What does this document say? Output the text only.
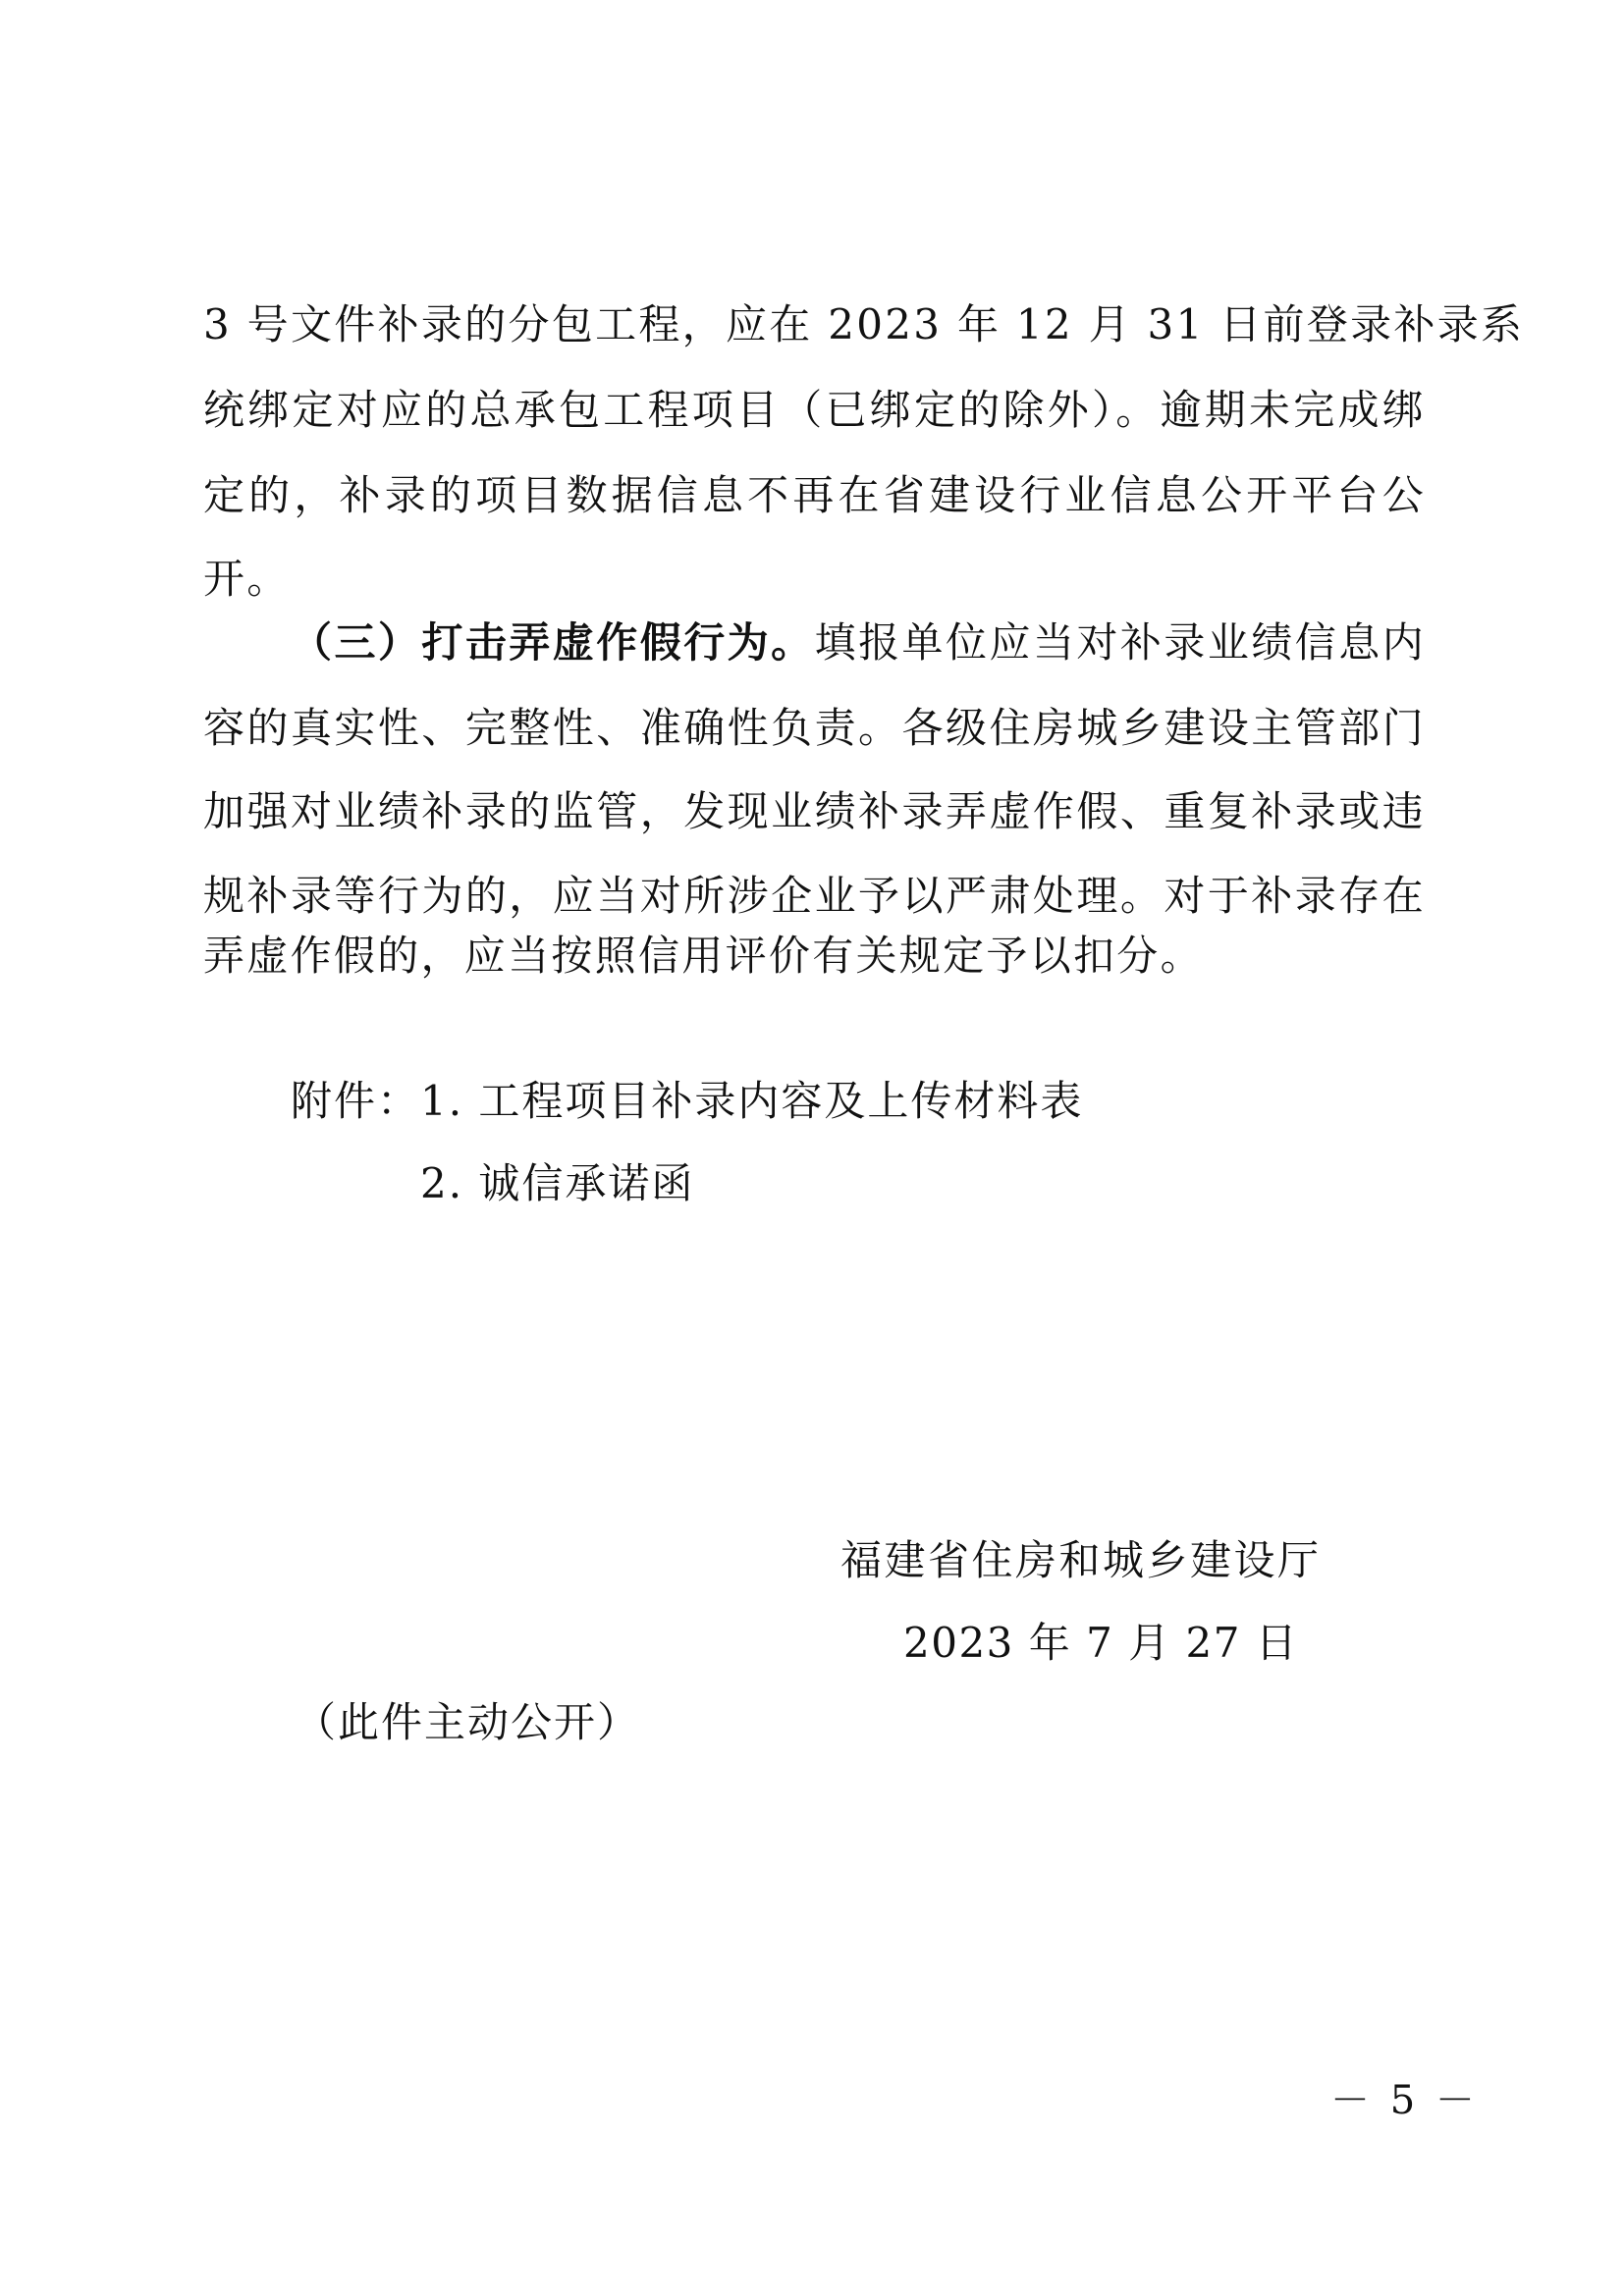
3 号文件补录的分包工程，应在 2023 年 12 月 31 日前登录补录系
统绑定对应的总承包工程项目（已绑定的除外）。逾期未完成绑
定的，补录的项目数据信息不再在省建设行业信息公开平台公
开。
（三）打击弄虚作假行为。填报单位应当对补录业绩信息内
容的真实性、完整性、准确性负责。各级住房城乡建设主管部门
加强对业绩补录的监管，发现业绩补录弄虚作假、重复补录或违
规补录等行为的，应当对所涉企业予以严肃处理。对于补录存在
弄虚作假的，应当按照信用评价有关规定予以扣分。
附件： 1. 工程项目补录内容及上传材料表
2. 诚信承诺函
福建省住房和城乡建设厅
2023 年 7 月 27 日
（此件主动公开）
－ 5 －
